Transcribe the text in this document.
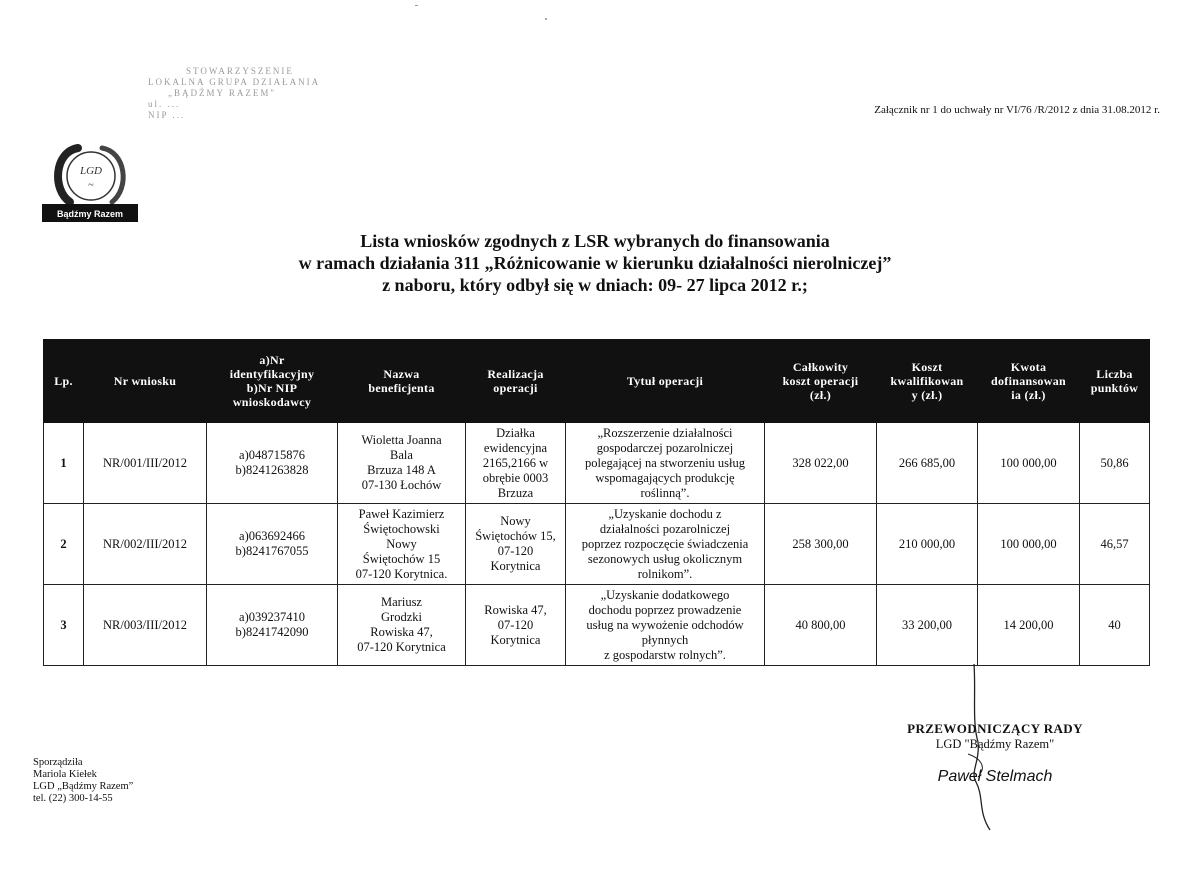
STOWARZYSZENIE
LOKALNA GRUPA DZIAŁANIA
„BĄDŹMY RAZEM"
ul. ...
NIP ...
LGD
~
Bądźmy Razem
Załącznik nr 1 do uchwały nr VI/76 /R/2012 z dnia 31.08.2012 r.
Lista wniosków zgodnych z LSR wybranych do finansowania
w ramach działania 311 „Różnicowanie w kierunku działalności nierolniczej”
z naboru, który odbył się w dniach: 09- 27 lipca 2012 r.;
Lp.	Nr wniosku	a)Nr
identyfikacyjny
b)Nr NIP
wnioskodawcy	Nazwa
beneficjenta	Realizacja
operacji	Tytuł operacji	Całkowity
koszt operacji
(zł.)	Koszt
kwalifikowan
y (zł.)	Kwota
dofinansowan
ia (zł.)	Liczba
punktów
1	NR/001/III/2012	a)048715876
b)8241263828	Wioletta Joanna
Bala
Brzuza 148 A
07-130 Łochów	Działka
ewidencyjna
2165,2166 w
obrębie 0003
Brzuza	„Rozszerzenie działalności
gospodarczej pozarolniczej
polegającej na stworzeniu usług
wspomagających produkcję
roślinną”.	328 022,00	266 685,00	100 000,00	50,86
2	NR/002/III/2012	a)063692466
b)8241767055	Paweł Kazimierz
Świętochowski
Nowy
Świętochów 15
07-120 Korytnica.	Nowy
Świętochów 15,
07-120
Korytnica	„Uzyskanie dochodu z
działalności pozarolniczej
poprzez rozpoczęcie świadczenia
sezonowych usług okolicznym
rolnikom”.	258 300,00	210 000,00	100 000,00	46,57
3	NR/003/III/2012	a)039237410
b)8241742090	Mariusz
Grodzki
Rowiska 47,
07-120 Korytnica	Rowiska 47,
07-120
Korytnica	„Uzyskanie dodatkowego
dochodu poprzez prowadzenie
usług na wywożenie odchodów
płynnych
z gospodarstw rolnych”.	40 800,00	33 200,00	14 200,00	40
Sporządziła
Mariola Kiełek
LGD „Bądźmy Razem”
tel. (22) 300-14-55
PRZEWODNICZĄCY RADY
LGD "Bądźmy Razem"
Paweł Stelmach
